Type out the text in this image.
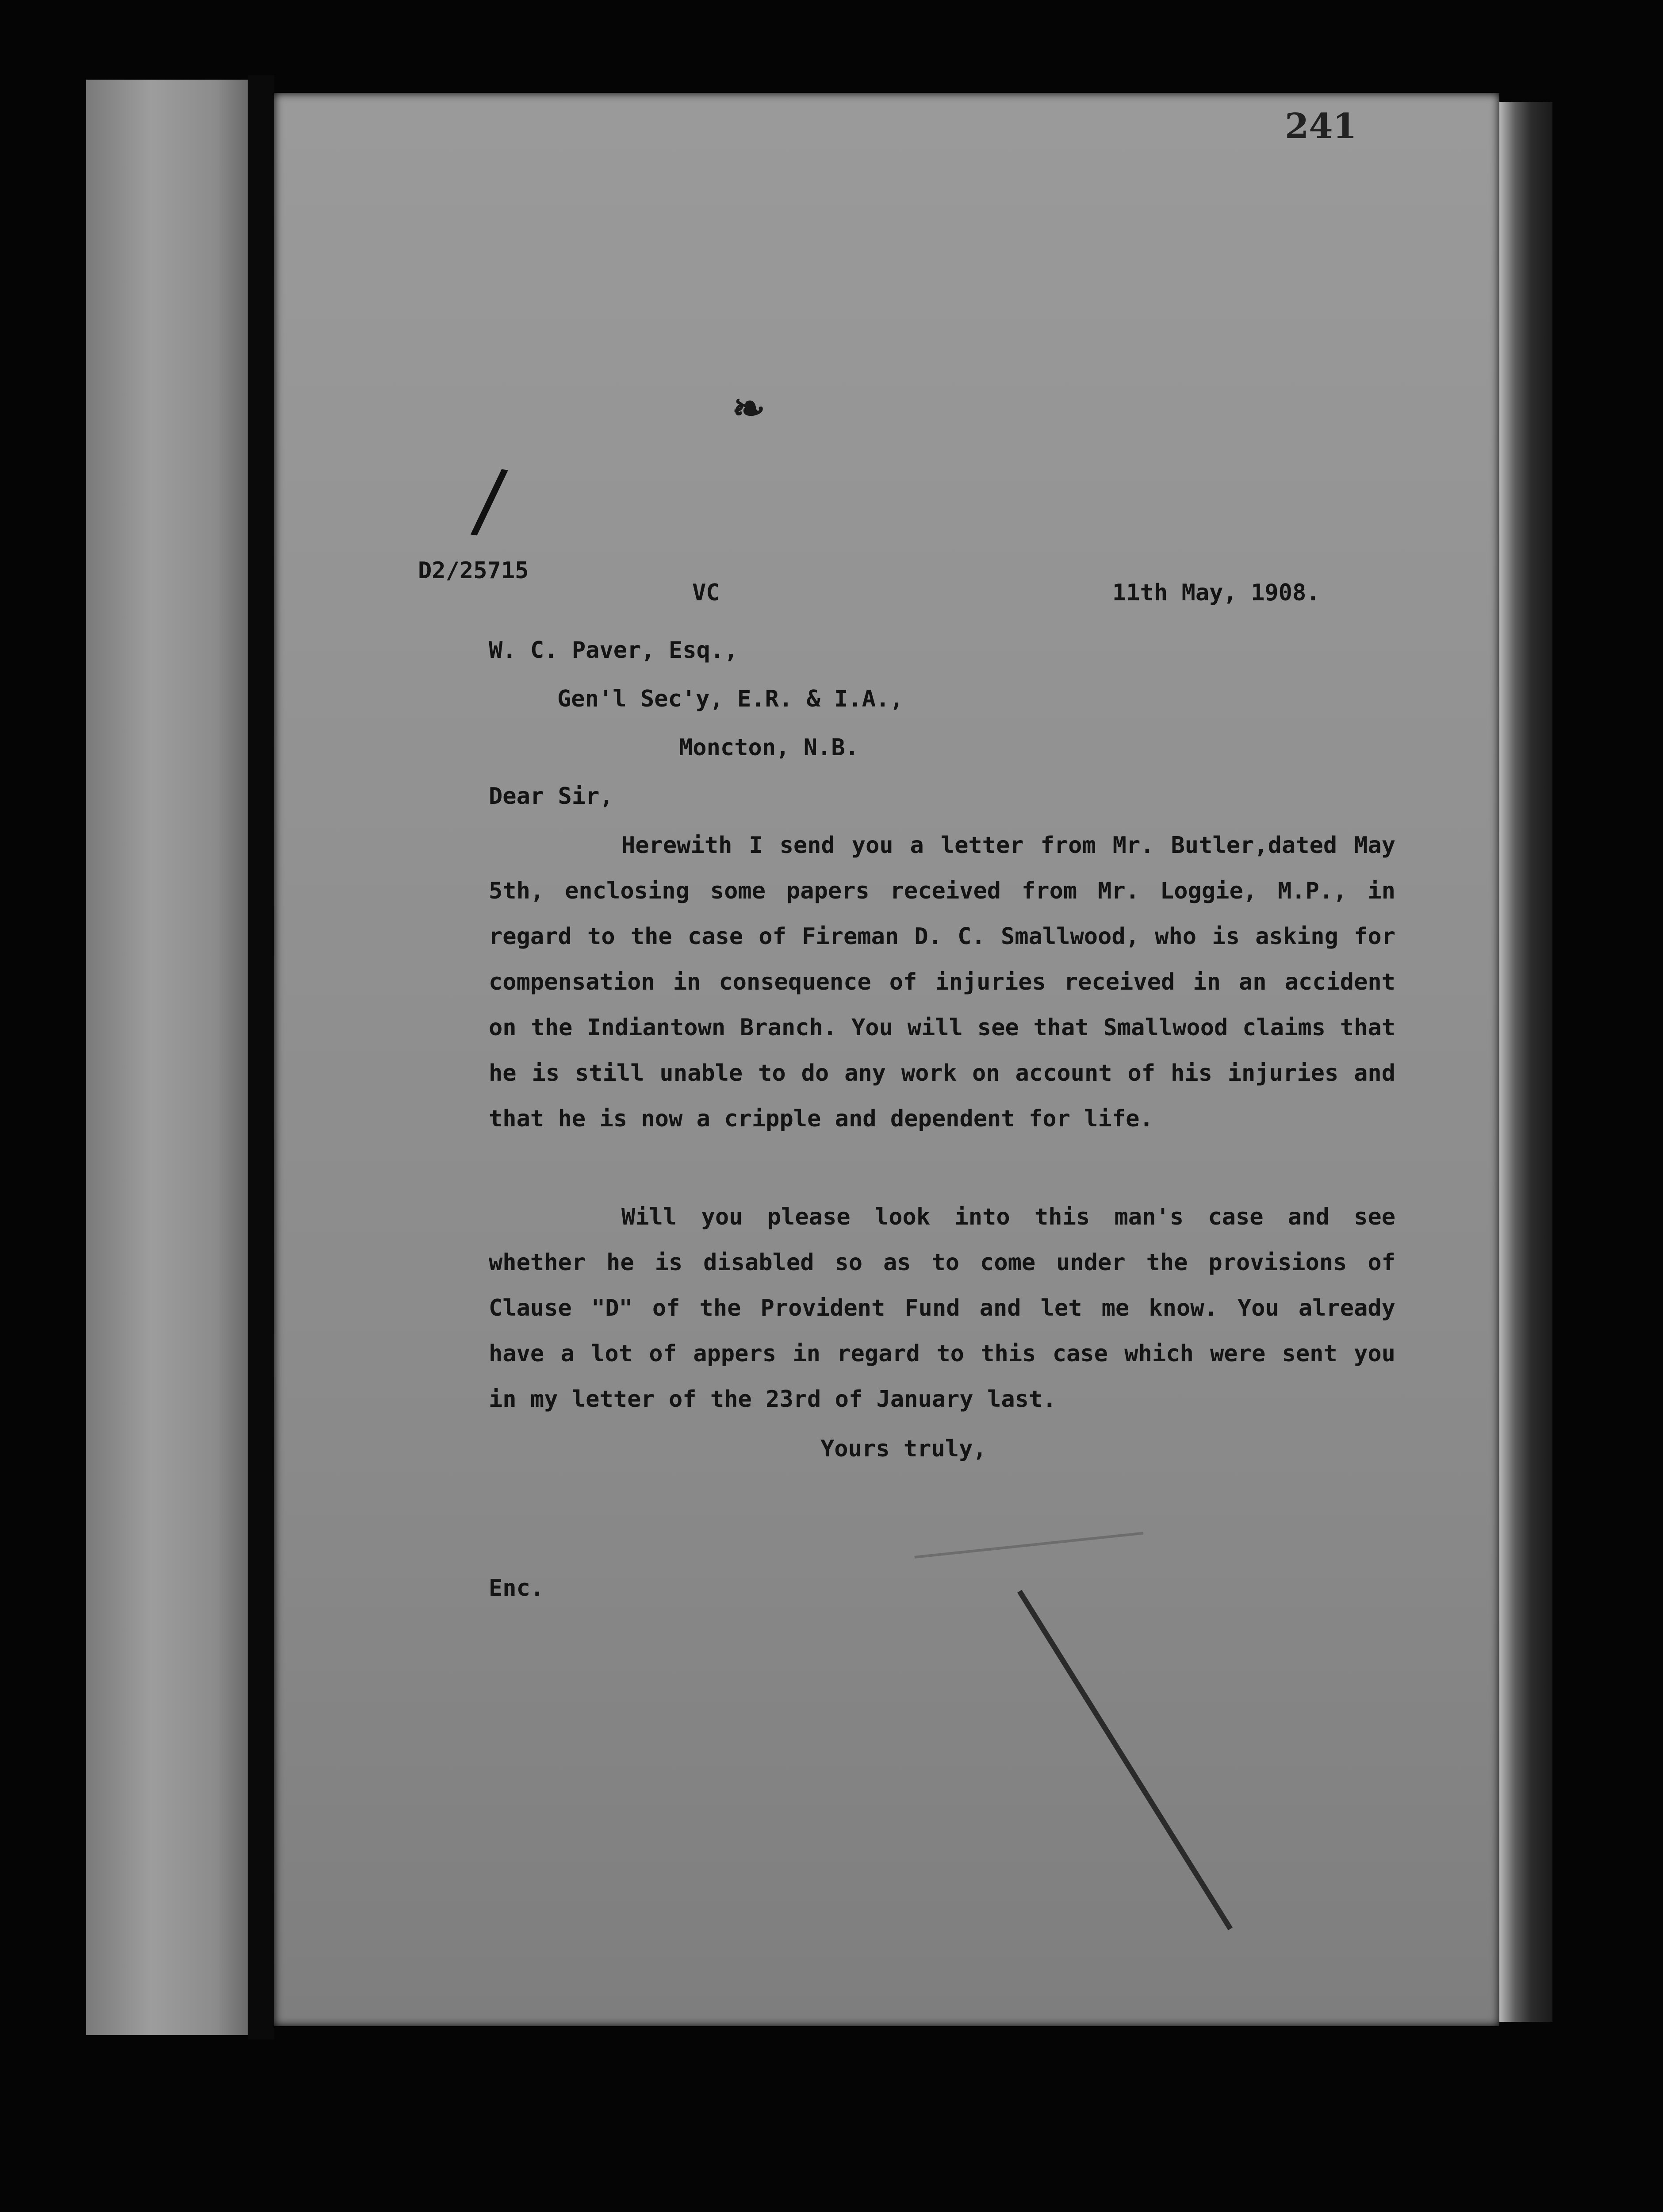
241
❧
/
D2/25715
VC	11th May, 1908.
W. C. Paver, Esq.,
Gen'l Sec'y, E.R. & I.A.,
Moncton, N.B.
Dear Sir,
Herewith I send you a letter from Mr. Butler,dated May 5th, enclosing some papers received from Mr. Loggie, M.P., in regard to the case of Fireman D. C. Smallwood, who is asking for compensation in consequence of injuries received in an accident on the Indiantown Branch. You will see that Smallwood claims that he is still unable to do any work on account of his injuries and that he is now a cripple and dependent for life.
Will you please look into this man's case and see whether he is disabled so as to come under the provisions of Clause "D" of the Provident Fund and let me know. You already have a lot of appers in regard to this case which were sent you in my letter of the 23rd of January last.
Yours truly,
Enc.
